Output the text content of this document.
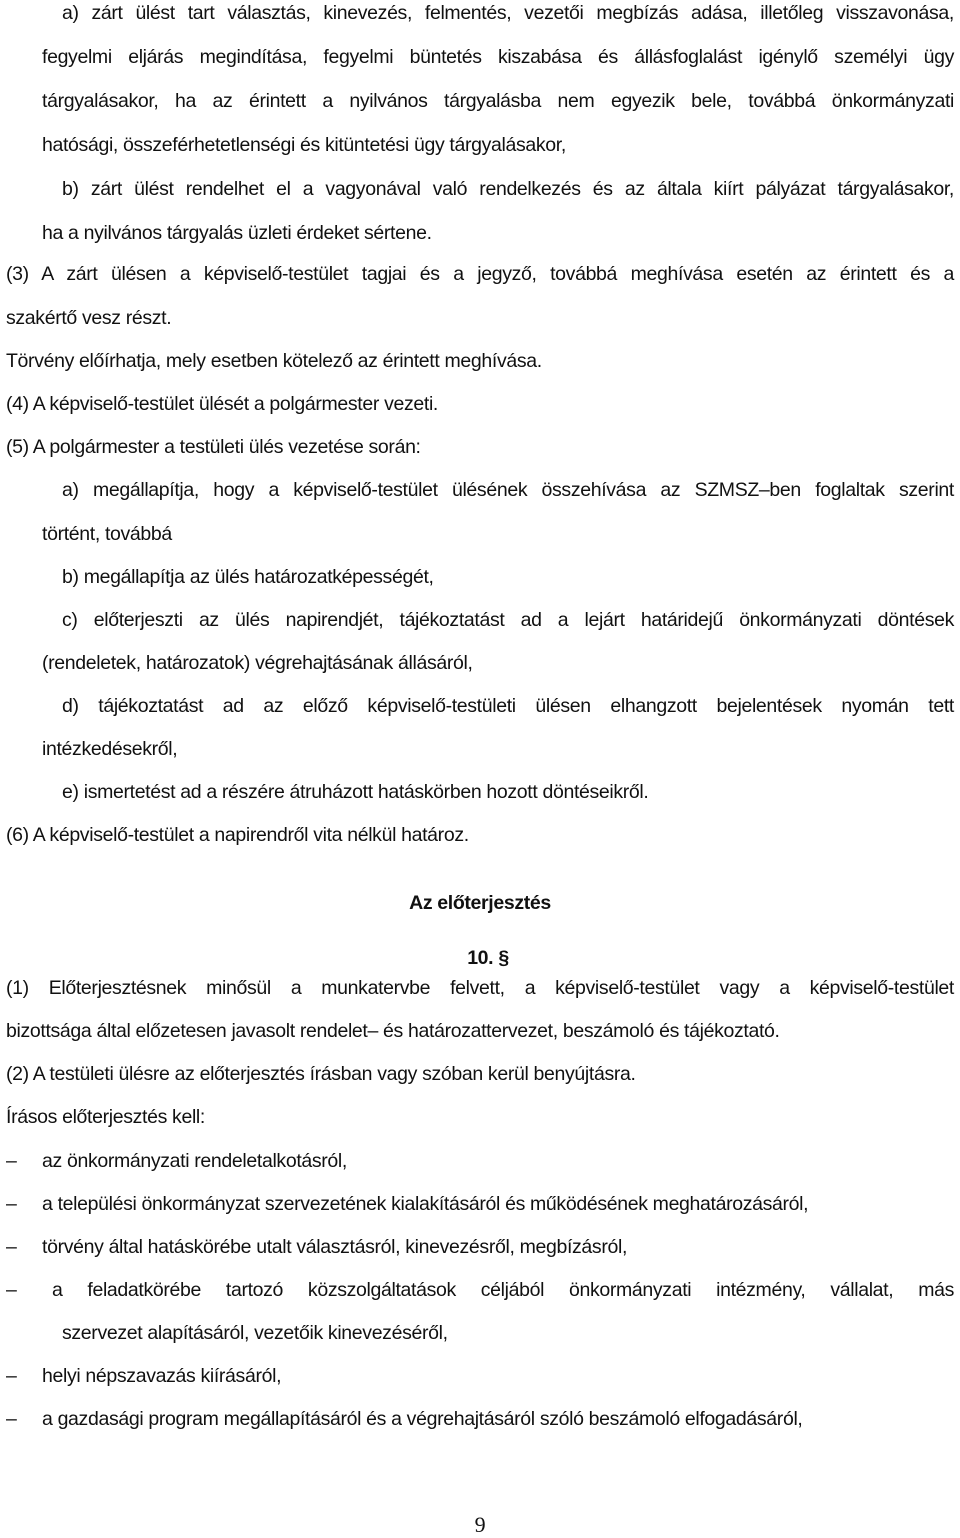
a) zárt ülést tart választás, kinevezés, felmentés, vezetői megbízás adása, illetőleg visszavonása,
fegyelmi eljárás megindítása, fegyelmi büntetés kiszabása és állásfoglalást igénylő személyi ügy
tárgyalásakor, ha az érintett a nyilvános tárgyalásba nem egyezik bele, továbbá önkormányzati
hatósági, összeférhetetlenségi és kitüntetési ügy tárgyalásakor,
b) zárt ülést rendelhet el a vagyonával való rendelkezés és az általa kiírt pályázat tárgyalásakor,
ha a nyilvános tárgyalás üzleti érdeket sértene.
(3) A zárt ülésen a képviselő-testület tagjai és a jegyző, továbbá meghívása esetén az érintett és a
szakértő vesz részt.
Törvény előírhatja, mely esetben kötelező az érintett meghívása.
(4) A képviselő-testület ülését a polgármester vezeti.
(5) A polgármester a testületi ülés vezetése során:
a) megállapítja, hogy a képviselő-testület ülésének összehívása az SZMSZ–ben foglaltak szerint
történt, továbbá
b) megállapítja az ülés határozatképességét,
c) előterjeszti az ülés napirendjét, tájékoztatást ad a lejárt határidejű önkormányzati döntések
(rendeletek, határozatok) végrehajtásának állásáról,
d) tájékoztatást ad az előző képviselő-testületi ülésen elhangzott bejelentések nyomán tett
intézkedésekről,
e) ismertetést ad a részére átruházott hatáskörben hozott döntéseikről.
(6) A képviselő-testület a napirendről vita nélkül határoz.
Az előterjesztés
10. §
(1) Előterjesztésnek minősül a munkatervbe felvett, a képviselő-testület vagy a képviselő-testület
bizottsága által előzetesen javasolt rendelet– és határozattervezet, beszámoló és tájékoztató.
(2) A testületi ülésre az előterjesztés írásban vagy szóban kerül benyújtásra.
Írásos előterjesztés kell:
– az önkormányzati rendeletalkotásról,
– a települési önkormányzat szervezetének kialakításáról és működésének meghatározásáról,
– törvény által hatáskörébe utalt választásról, kinevezésről, megbízásról,
– a feladatkörébe tartozó közszolgáltatások céljából önkormányzati intézmény, vállalat, más
szervezet alapításáról, vezetőik kinevezéséről,
– helyi népszavazás kiírásáról,
– a gazdasági program megállapításáról és a végrehajtásáról szóló beszámoló elfogadásáról,
9
